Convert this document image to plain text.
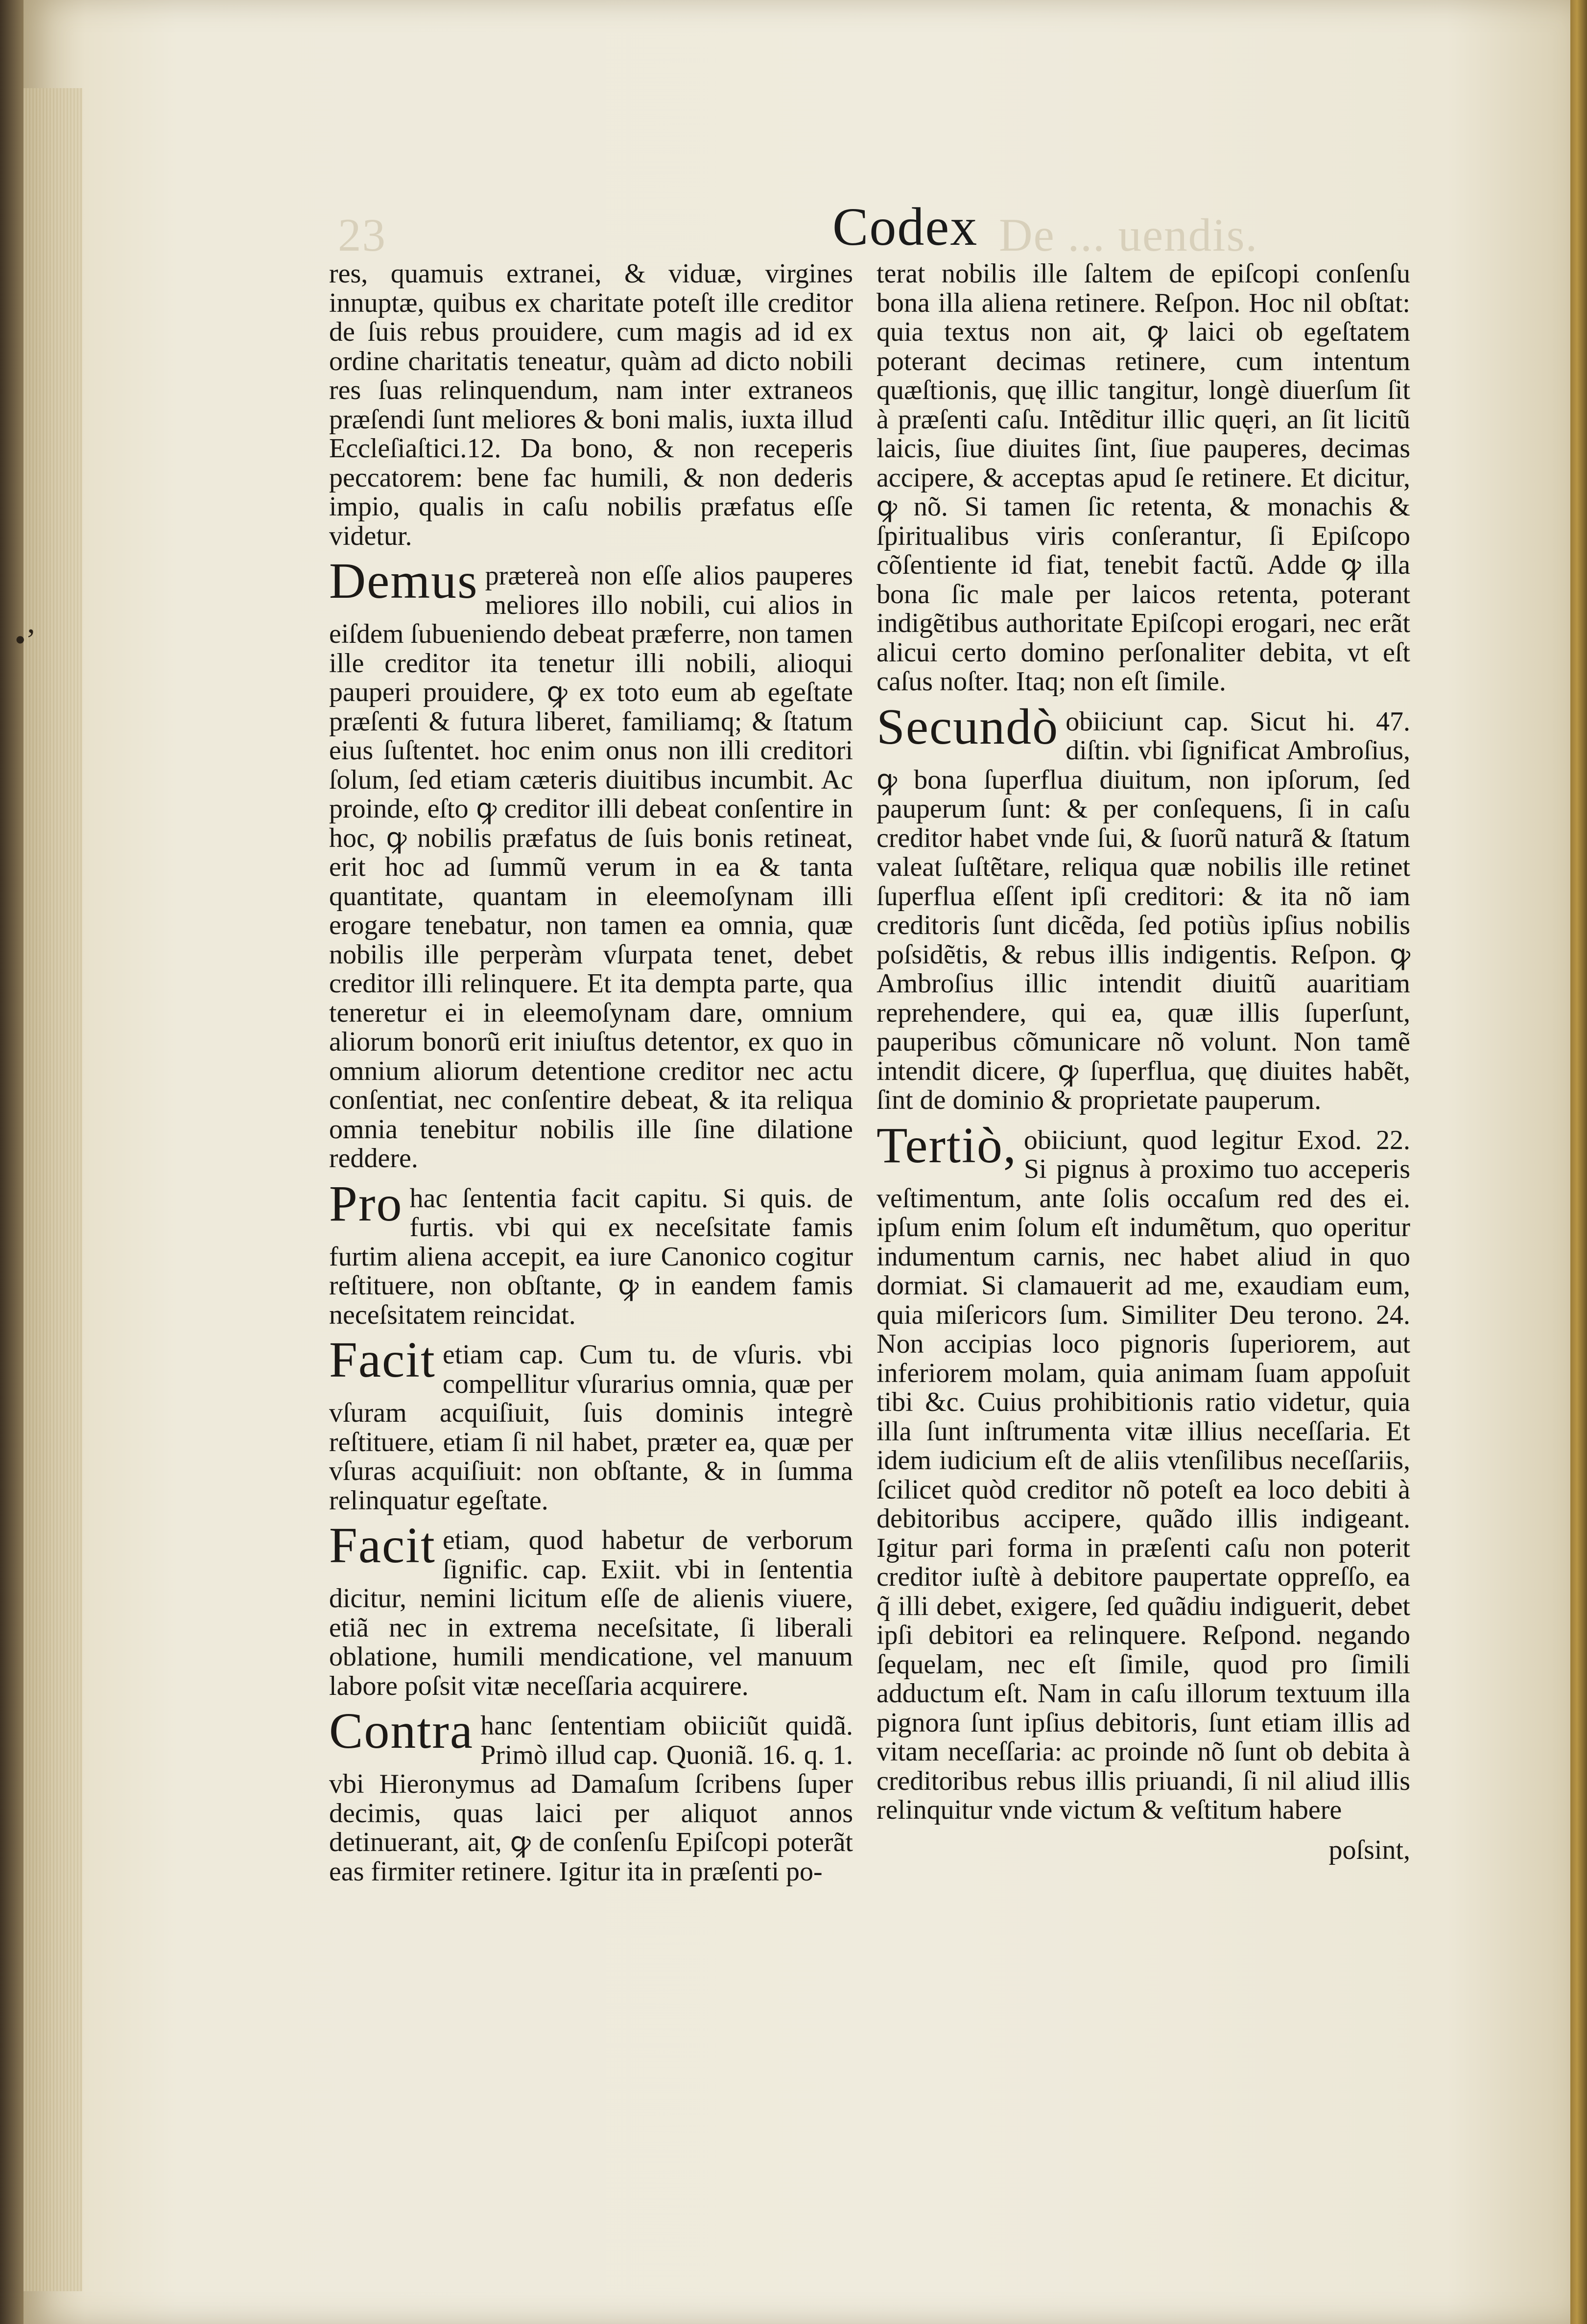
•’
23	De ... uendis.
Codex

res, quamuis extranei, & viduæ, virgines innuptæ, quibus ex charitate poteſt ille creditor de ſuis rebus prouidere, cum magis ad id ex ordine charitatis teneatur, quàm ad dicto nobili res ſuas relinquendum, nam inter extraneos præſendi ſunt meliores & boni malis, iuxta illud Eccleſiaſtici.12. Da bono, & non receperis peccatorem: bene fac humili, & non dederis impio, qualis in caſu nobilis præfatus eſſe videtur.

Demus prætereà non eſſe alios pauperes meliores illo nobili, cui alios in eiſdem ſubueniendo debeat præferre, non tamen ille creditor ita tenetur illi nobili, alioqui pauperi prouidere, ꝙ ex toto eum ab egeſtate præſenti & futura liberet, familiamq; & ſtatum eius ſuſtentet. hoc enim onus non illi creditori ſolum, ſed etiam cæteris diuitibus incumbit. Ac proinde, eſto ꝙ creditor illi debeat conſentire in hoc, ꝙ nobilis præfatus de ſuis bonis retineat, erit hoc ad ſummũ verum in ea & tanta quantitate, quantam in eleemoſynam illi erogare tenebatur, non tamen ea omnia, quæ nobilis ille perperàm vſurpata tenet, debet creditor illi relinquere. Et ita dempta parte, qua teneretur ei in eleemoſynam dare, omnium aliorum bonorũ erit iniuſtus detentor, ex quo in omnium aliorum detentione creditor nec actu conſentiat, nec conſentire debeat, & ita reliqua omnia tenebitur nobilis ille ſine dilatione reddere.

Pro hac ſententia facit capitu. Si quis. de furtis. vbi qui ex neceſsitate famis furtim aliena accepit, ea iure Canonico cogitur reſtituere, non obſtante, ꝙ in eandem famis neceſsitatem reincidat.

Facit etiam cap. Cum tu. de vſuris. vbi compellitur vſurarius omnia, quæ per vſuram acquiſiuit, ſuis dominis integrè reſtituere, etiam ſi nil habet, præter ea, quæ per vſuras acquiſiuit: non obſtante, & in ſumma relinquatur egeſtate.

Facit etiam, quod habetur de verborum ſignific. cap. Exiit. vbi in ſententia dicitur, nemini licitum eſſe de alienis viuere, etiã nec in extrema neceſsitate, ſi liberali oblatione, humili mendicatione, vel manuum labore poſsit vitæ neceſſaria acquirere.

Contra hanc ſententiam obiiciũt quidã. Primò illud cap. Quoniã. 16. q. 1. vbi Hieronymus ad Damaſum ſcribens ſuper decimis, quas laici per aliquot annos detinuerant, ait, ꝙ de conſenſu Epiſcopi poterãt eas firmiter retinere. Igitur ita in præſenti po-

terat nobilis ille ſaltem de epiſcopi conſenſu bona illa aliena retinere. Reſpon. Hoc nil obſtat: quia textus non ait, ꝙ laici ob egeſtatem poterant decimas retinere, cum intentum quæſtionis, quę illic tangitur, longè diuerſum ſit à præſenti caſu. Intẽditur illic quęri, an ſit licitũ laicis, ſiue diuites ſint, ſiue pauperes, decimas accipere, & acceptas apud ſe retinere. Et dicitur, ꝙ nõ. Si tamen ſic retenta, & monachis & ſpiritualibus viris conſerantur, ſi Epiſcopo cõſentiente id fiat, tenebit factũ. Adde ꝙ illa bona ſic male per laicos retenta, poterant indigẽtibus authoritate Epiſcopi erogari, nec erãt alicui certo domino perſonaliter debita, vt eſt caſus noſter. Itaq; non eſt ſimile.

Secundò obiiciunt cap. Sicut hi. 47. diſtin. vbi ſignificat Ambroſius, ꝙ bona ſuperflua diuitum, non ipſorum, ſed pauperum ſunt: & per conſequens, ſi in caſu creditor habet vnde ſui, & ſuorũ naturã & ſtatum valeat ſuſtẽtare, reliqua quæ nobilis ille retinet ſuperflua eſſent ipſi creditori: & ita nõ iam creditoris ſunt dicẽda, ſed potiùs ipſius nobilis poſsidẽtis, & rebus illis indigentis. Reſpon. ꝙ Ambroſius illic intendit diuitũ auaritiam reprehendere, qui ea, quæ illis ſuperſunt, pauperibus cõmunicare nõ volunt. Non tamẽ intendit dicere, ꝙ ſuperflua, quę diuites habẽt, ſint de dominio & proprietate pauperum.

Tertiò, obiiciunt, quod legitur Exod. 22. Si pignus à proximo tuo acceperis veſtimentum, ante ſolis occaſum red des ei. ipſum enim ſolum eſt indumẽtum, quo operitur indumentum carnis, nec habet aliud in quo dormiat. Si clamauerit ad me, exaudiam eum, quia miſericors ſum. Similiter Deu terono. 24. Non accipias loco pignoris ſuperiorem, aut inferiorem molam, quia animam ſuam appoſuit tibi &c. Cuius prohibitionis ratio videtur, quia illa ſunt inſtrumenta vitæ illius neceſſaria. Et idem iudicium eſt de aliis vtenſilibus neceſſariis, ſcilicet quòd creditor nõ poteſt ea loco debiti à debitoribus accipere, quãdo illis indigeant. Igitur pari forma in præſenti caſu non poterit creditor iuſtè à debitore paupertate oppreſſo, ea q̃ illi debet, exigere, ſed quãdiu indiguerit, debet ipſi debitori ea relinquere. Reſpond. negando ſequelam, nec eſt ſimile, quod pro ſimili adductum eſt. Nam in caſu illorum textuum illa pignora ſunt ipſius debitoris, ſunt etiam illis ad vitam neceſſaria: ac proinde nõ ſunt ob debita à creditoribus rebus illis priuandi, ſi nil aliud illis relinquitur vnde victum & veſtitum habere

poſsint,
